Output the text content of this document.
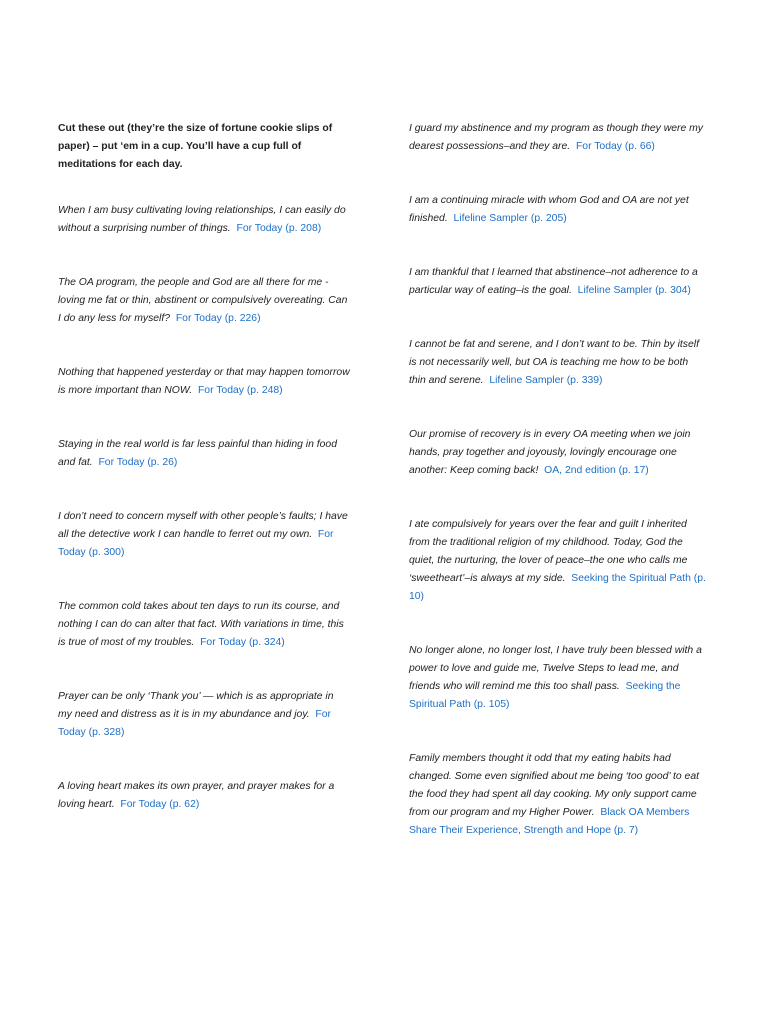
Cut these out (they’re the size of fortune cookie slips of paper) – put ‘em in a cup. You’ll have a cup full of meditations for each day.

When I am busy cultivating loving relationships, I can easily do without a surprising number of things. For Today (p. 208)

The OA program, the people and God are all there for me - loving me fat or thin, abstinent or compulsively overeating. Can I do any less for myself? For Today (p. 226)

Nothing that happened yesterday or that may happen tomorrow is more important than NOW. For Today (p. 248)

Staying in the real world is far less painful than hiding in food and fat. For Today (p. 26)

I don’t need to concern myself with other people’s faults; I have all the detective work I can handle to ferret out my own. For Today (p. 300)

The common cold takes about ten days to run its course, and nothing I can do can alter that fact. With variations in time, this is true of most of my troubles. For Today (p. 324)

Prayer can be only ‘Thank you’ — which is as appropriate in my need and distress as it is in my abundance and joy. For Today (p. 328)

A loving heart makes its own prayer, and prayer makes for a loving heart. For Today (p. 62)

I guard my abstinence and my program as though they were my dearest possessions–and they are. For Today (p. 66)

I am a continuing miracle with whom God and OA are not yet finished. Lifeline Sampler (p. 205)

I am thankful that I learned that abstinence–not adherence to a particular way of eating–is the goal. Lifeline Sampler (p. 304)

I cannot be fat and serene, and I don’t want to be. Thin by itself is not necessarily well, but OA is teaching me how to be both thin and serene. Lifeline Sampler (p. 339)

Our promise of recovery is in every OA meeting when we join hands, pray together and joyously, lovingly encourage one another: Keep coming back! OA, 2nd edition (p. 17)

I ate compulsively for years over the fear and guilt I inherited from the traditional religion of my childhood. Today, God the quiet, the nurturing, the lover of peace–the one who calls me ‘sweetheart’–is always at my side. Seeking the Spiritual Path (p. 10)

No longer alone, no longer lost, I have truly been blessed with a power to love and guide me, Twelve Steps to lead me, and friends who will remind me this too shall pass. Seeking the Spiritual Path (p. 105)

Family members thought it odd that my eating habits had changed. Some even signified about me being ‘too good’ to eat the food they had spent all day cooking. My only support came from our program and my Higher Power. Black OA Members Share Their Experience, Strength and Hope (p. 7)
